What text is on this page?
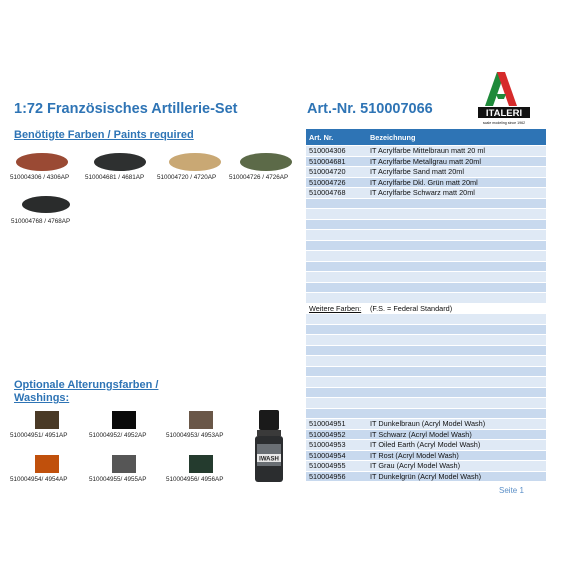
1:72 Französisches Artillerie-Set	Art.-Nr. 510007066	ITALERI
scale modeling since 1962
Benötigte Farben / Paints required
510004306 / 4306AP	510004681 / 4681AP 510004720 / 4720AP 510004726 / 4726AP
510004768 / 4768AP
Optionale Alterungsfarben /
Washings:
510004951/ 4951AP	510004952/ 4952AP	510004953/ 4953AP
510004954/ 4954AP	510004955/ 4955AP	510004956/ 4956AP
IWASH
Art. Nr.	Bezeichnung
510004306	IT Acrylfarbe Mittelbraun matt 20 ml
510004681	IT Acrylfarbe Metallgrau matt 20ml
510004720	IT Acrylfarbe Sand matt 20ml
510004726	IT Acrylfarbe Dkl. Grün matt 20ml
510004768	IT Acrylfarbe Schwarz matt 20ml

Weitere Farben:	(F.S. = Federal Standard)

510004951	IT Dunkelbraun (Acryl Model Wash)
510004952	IT Schwarz (Acryl Model Wash)
510004953	IT Oiled Earth (Acryl Model Wash)
510004954	IT Rost (Acryl Model Wash)
510004955	IT Grau (Acryl Model Wash)
510004956	IT Dunkelgrün (Acryl Model Wash)
Seite 1
